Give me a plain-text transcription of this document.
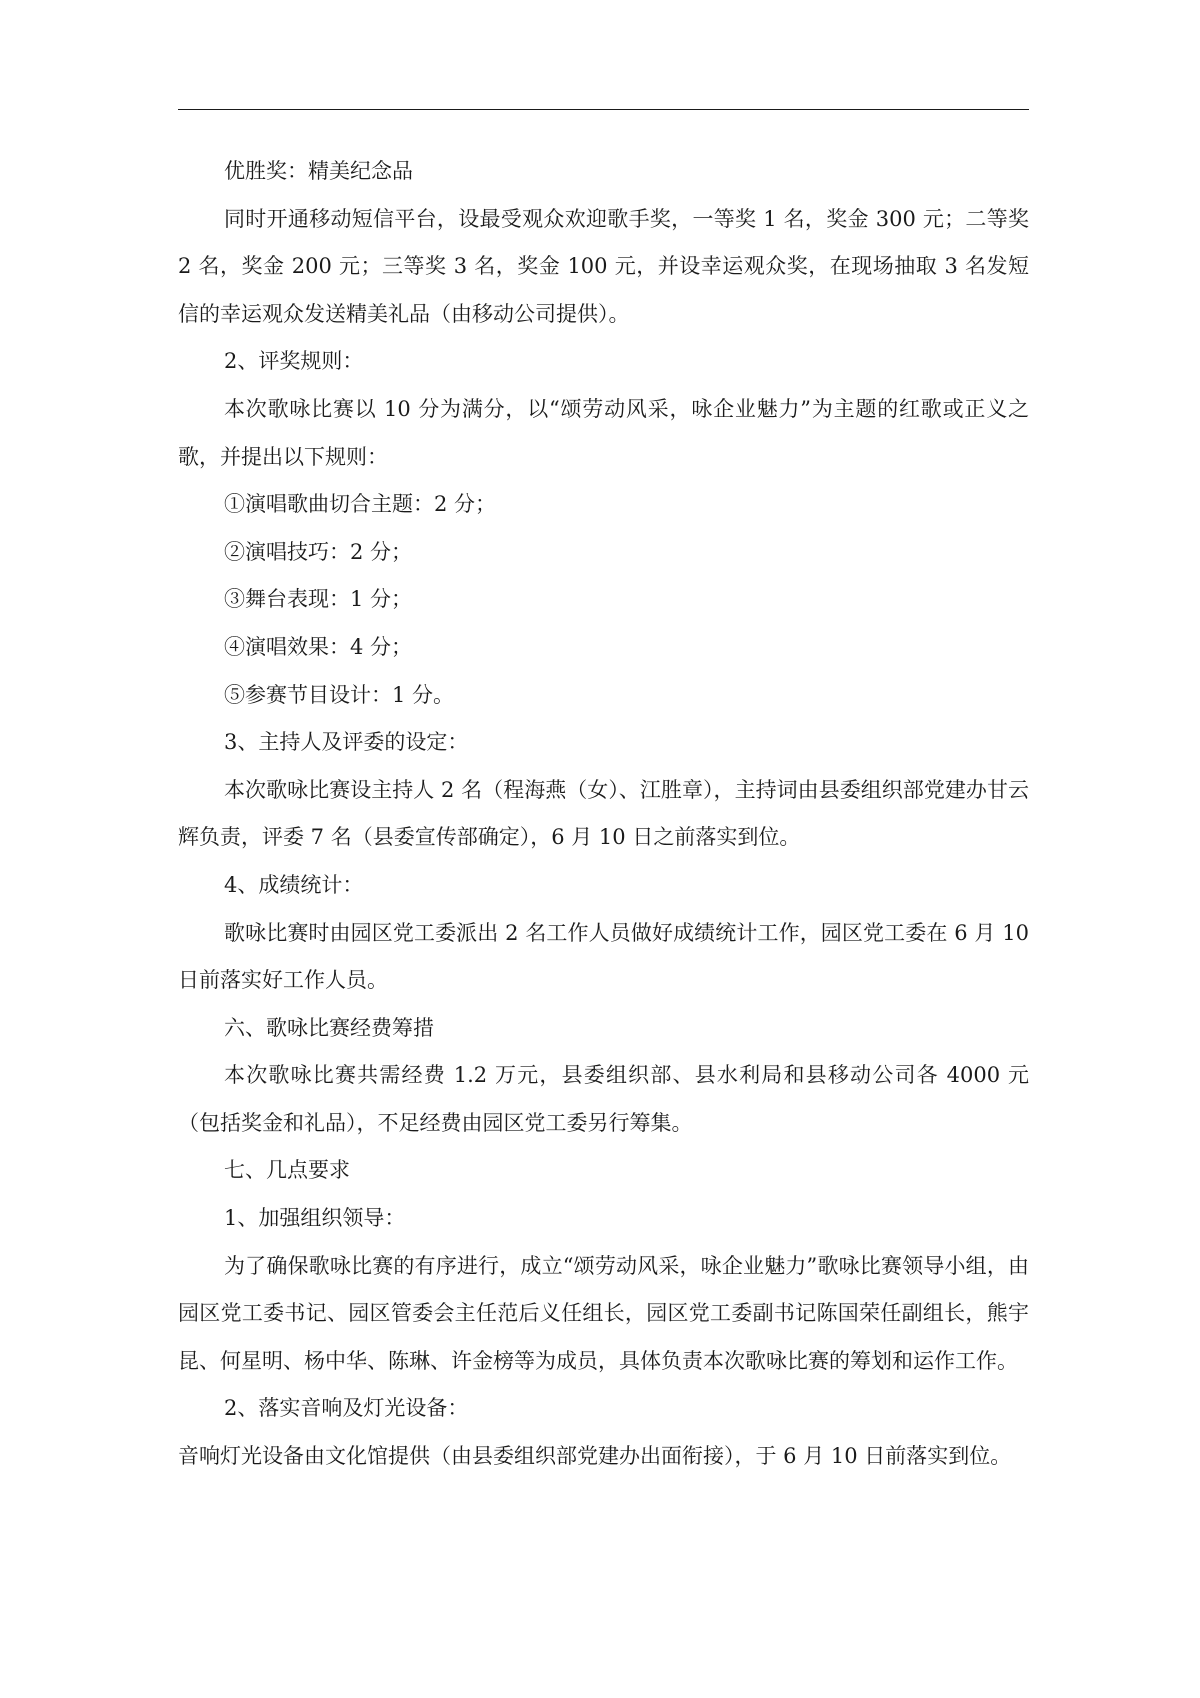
优胜奖：精美纪念品

同时开通移动短信平台，设最受观众欢迎歌手奖，一等奖 1 名，奖金 300 元；二等奖 2 名，奖金 200 元；三等奖 3 名，奖金 100 元，并设幸运观众奖，在现场抽取 3 名发短信的幸运观众发送精美礼品（由移动公司提供）。

2、评奖规则：

本次歌咏比赛以 10 分为满分，以“颂劳动风采，咏企业魅力”为主题的红歌或正义之歌，并提出以下规则：

①演唱歌曲切合主题：2 分；

②演唱技巧：2 分；

③舞台表现：1 分；

④演唱效果：4 分；

⑤参赛节目设计：1 分。

3、主持人及评委的设定：

本次歌咏比赛设主持人 2 名（程海燕（女）、江胜章），主持词由县委组织部党建办甘云辉负责，评委 7 名（县委宣传部确定），6 月 10 日之前落实到位。

4、成绩统计：

歌咏比赛时由园区党工委派出 2 名工作人员做好成绩统计工作，园区党工委在 6 月 10 日前落实好工作人员。

六、歌咏比赛经费筹措

本次歌咏比赛共需经费 1.2 万元，县委组织部、县水利局和县移动公司各 4000 元（包括奖金和礼品），不足经费由园区党工委另行筹集。

七、几点要求

1、加强组织领导：

为了确保歌咏比赛的有序进行，成立“颂劳动风采，咏企业魅力”歌咏比赛领导小组，由园区党工委书记、园区管委会主任范后义任组长，园区党工委副书记陈国荣任副组长，熊宇昆、何星明、杨中华、陈琳、许金榜等为成员，具体负责本次歌咏比赛的筹划和运作工作。

2、落实音响及灯光设备：

音响灯光设备由文化馆提供（由县委组织部党建办出面衔接），于 6 月 10 日前落实到位。
